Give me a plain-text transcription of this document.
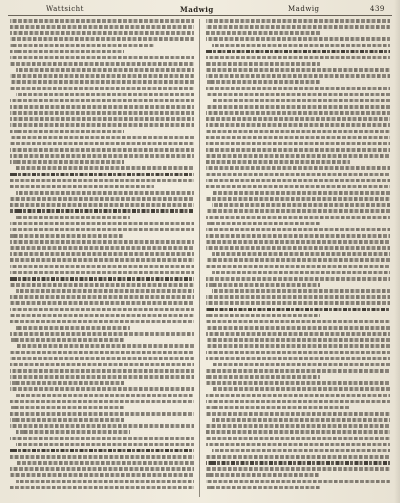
Wattsicht	Madwig	Madwig	439
